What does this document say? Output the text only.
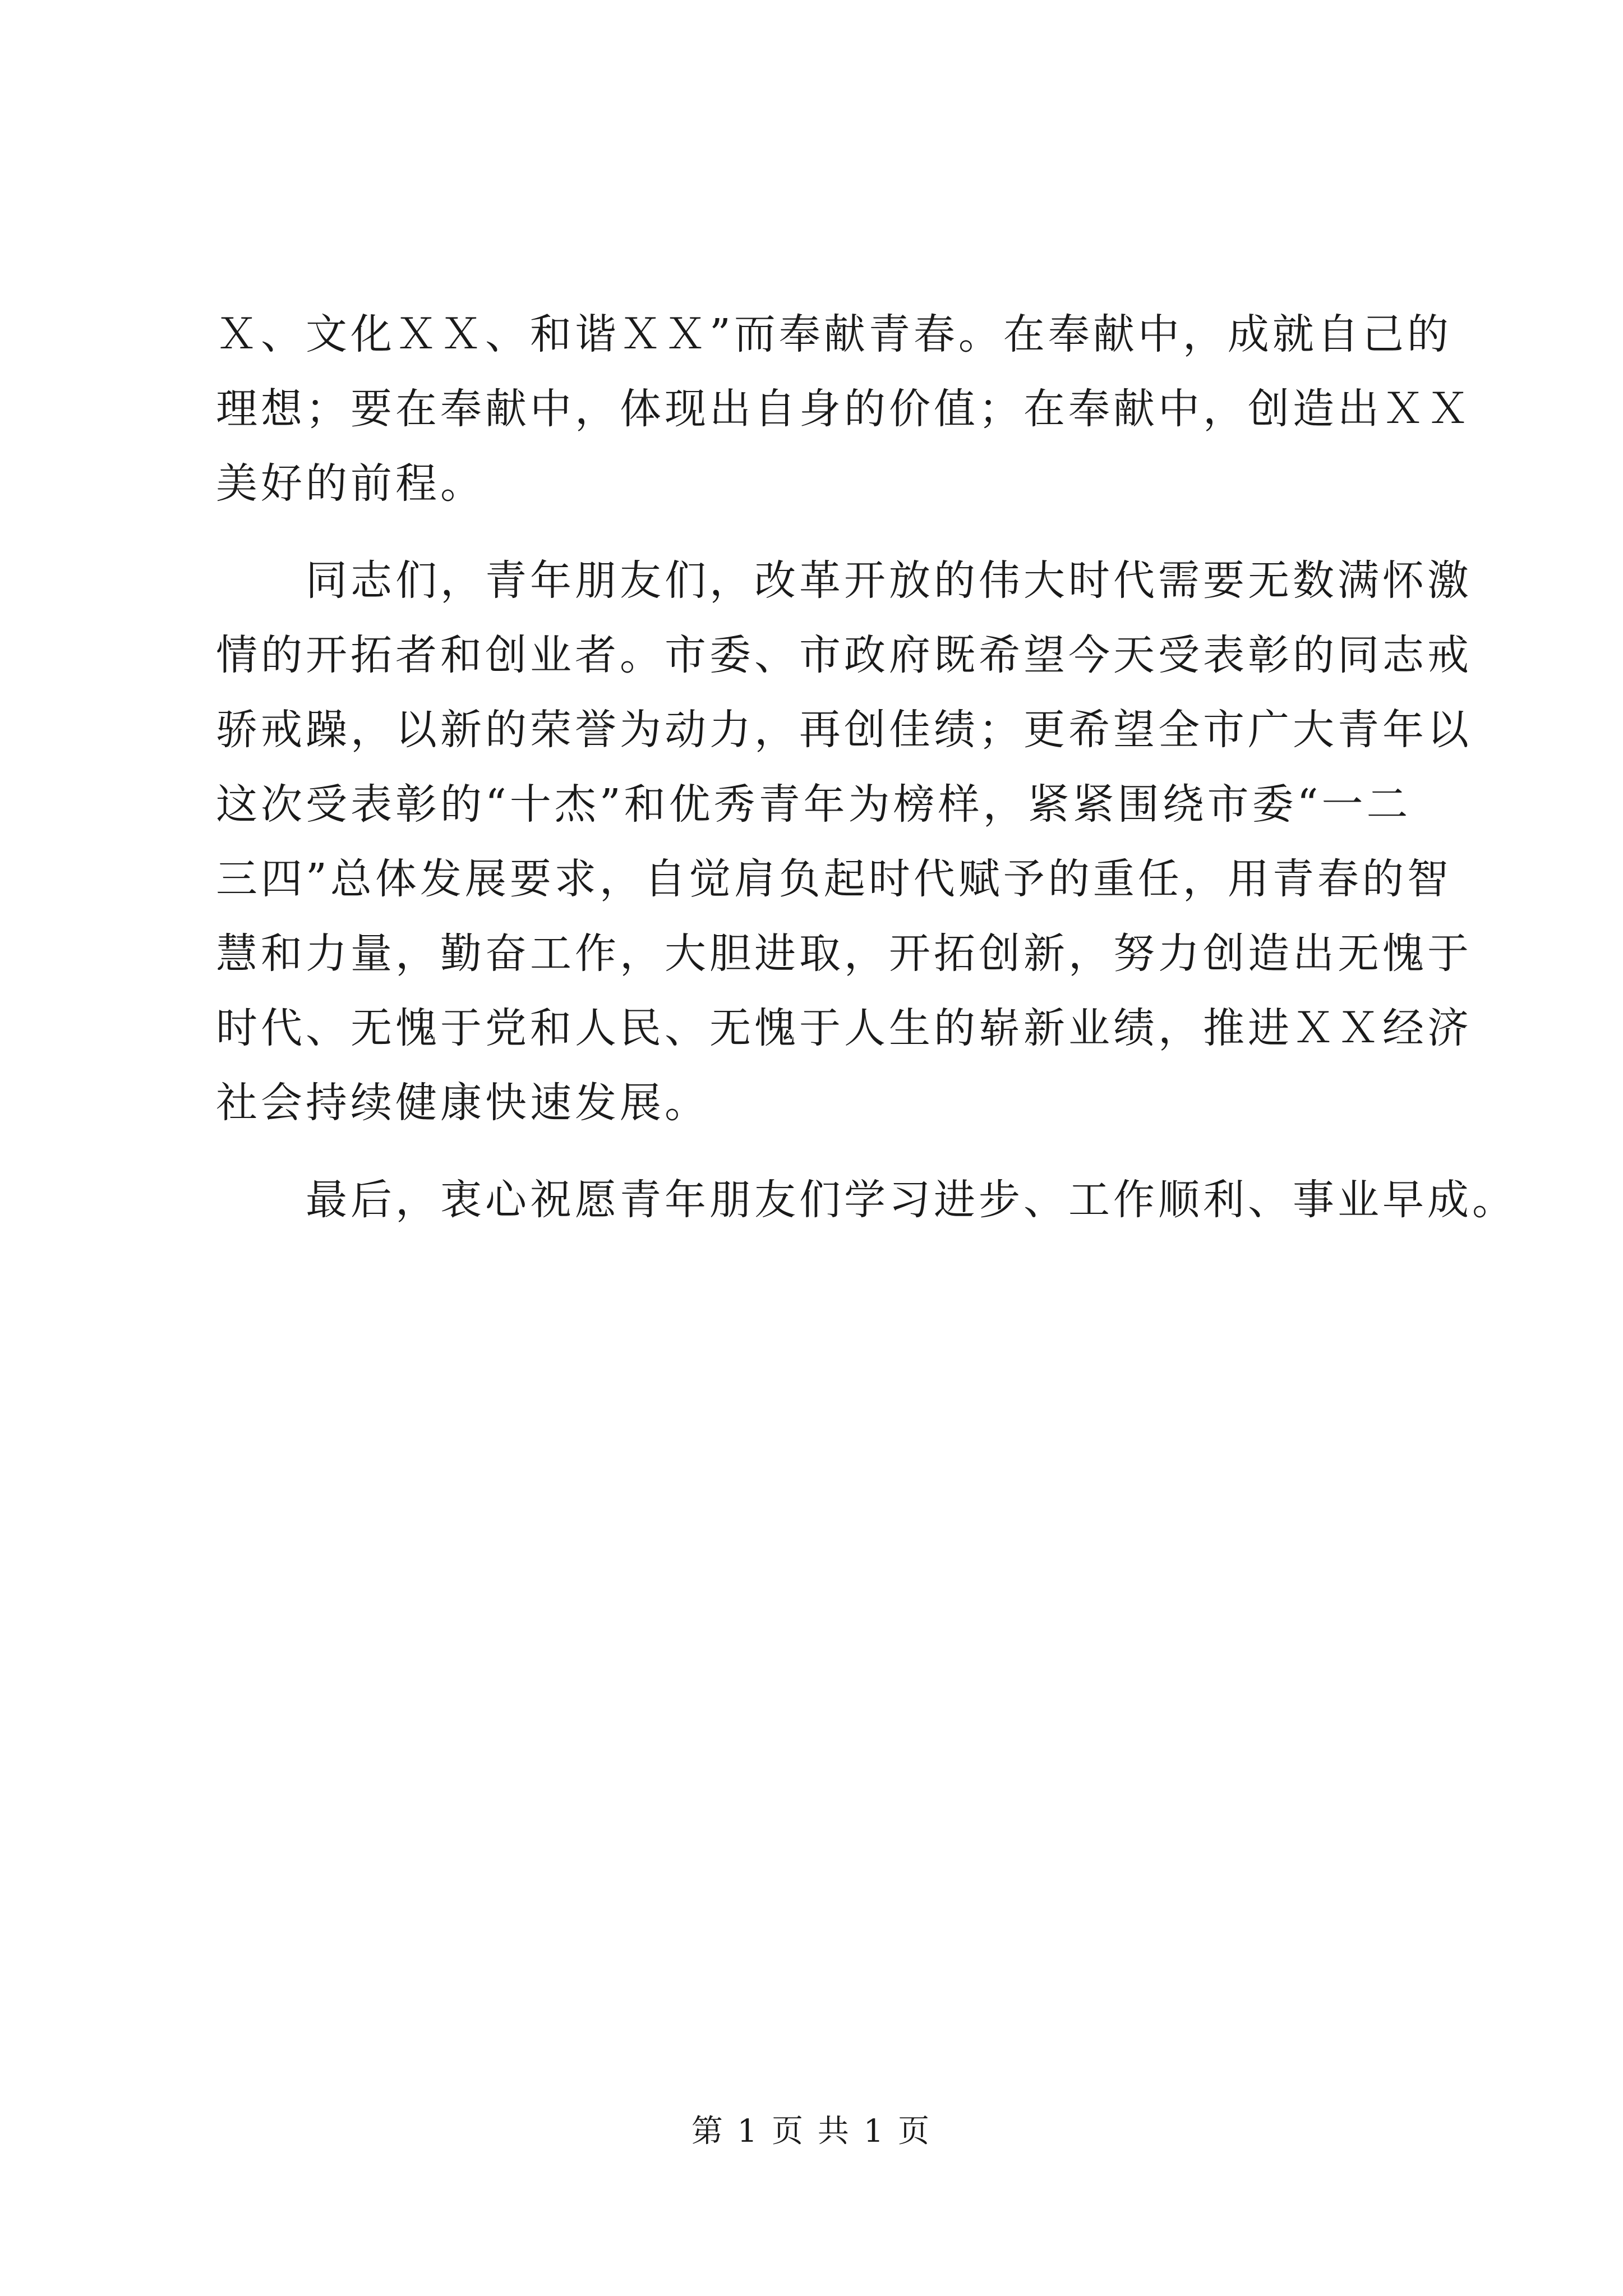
Ｘ、文化ＸＸ、和谐ＸＸ”而奉献青春。在奉献中，成就自己的
理想；要在奉献中，体现出自身的价值；在奉献中，创造出ＸＸ
美好的前程。
同志们，青年朋友们，改革开放的伟大时代需要无数满怀激
情的开拓者和创业者。市委、市政府既希望今天受表彰的同志戒
骄戒躁，以新的荣誉为动力，再创佳绩；更希望全市广大青年以
这次受表彰的“十杰”和优秀青年为榜样，紧紧围绕市委“一二
三四”总体发展要求，自觉肩负起时代赋予的重任，用青春的智
慧和力量，勤奋工作，大胆进取，开拓创新，努力创造出无愧于
时代、无愧于党和人民、无愧于人生的崭新业绩，推进ＸＸ经济
社会持续健康快速发展。
最后，衷心祝愿青年朋友们学习进步、工作顺利、事业早成。
第 1 页 共 1 页
